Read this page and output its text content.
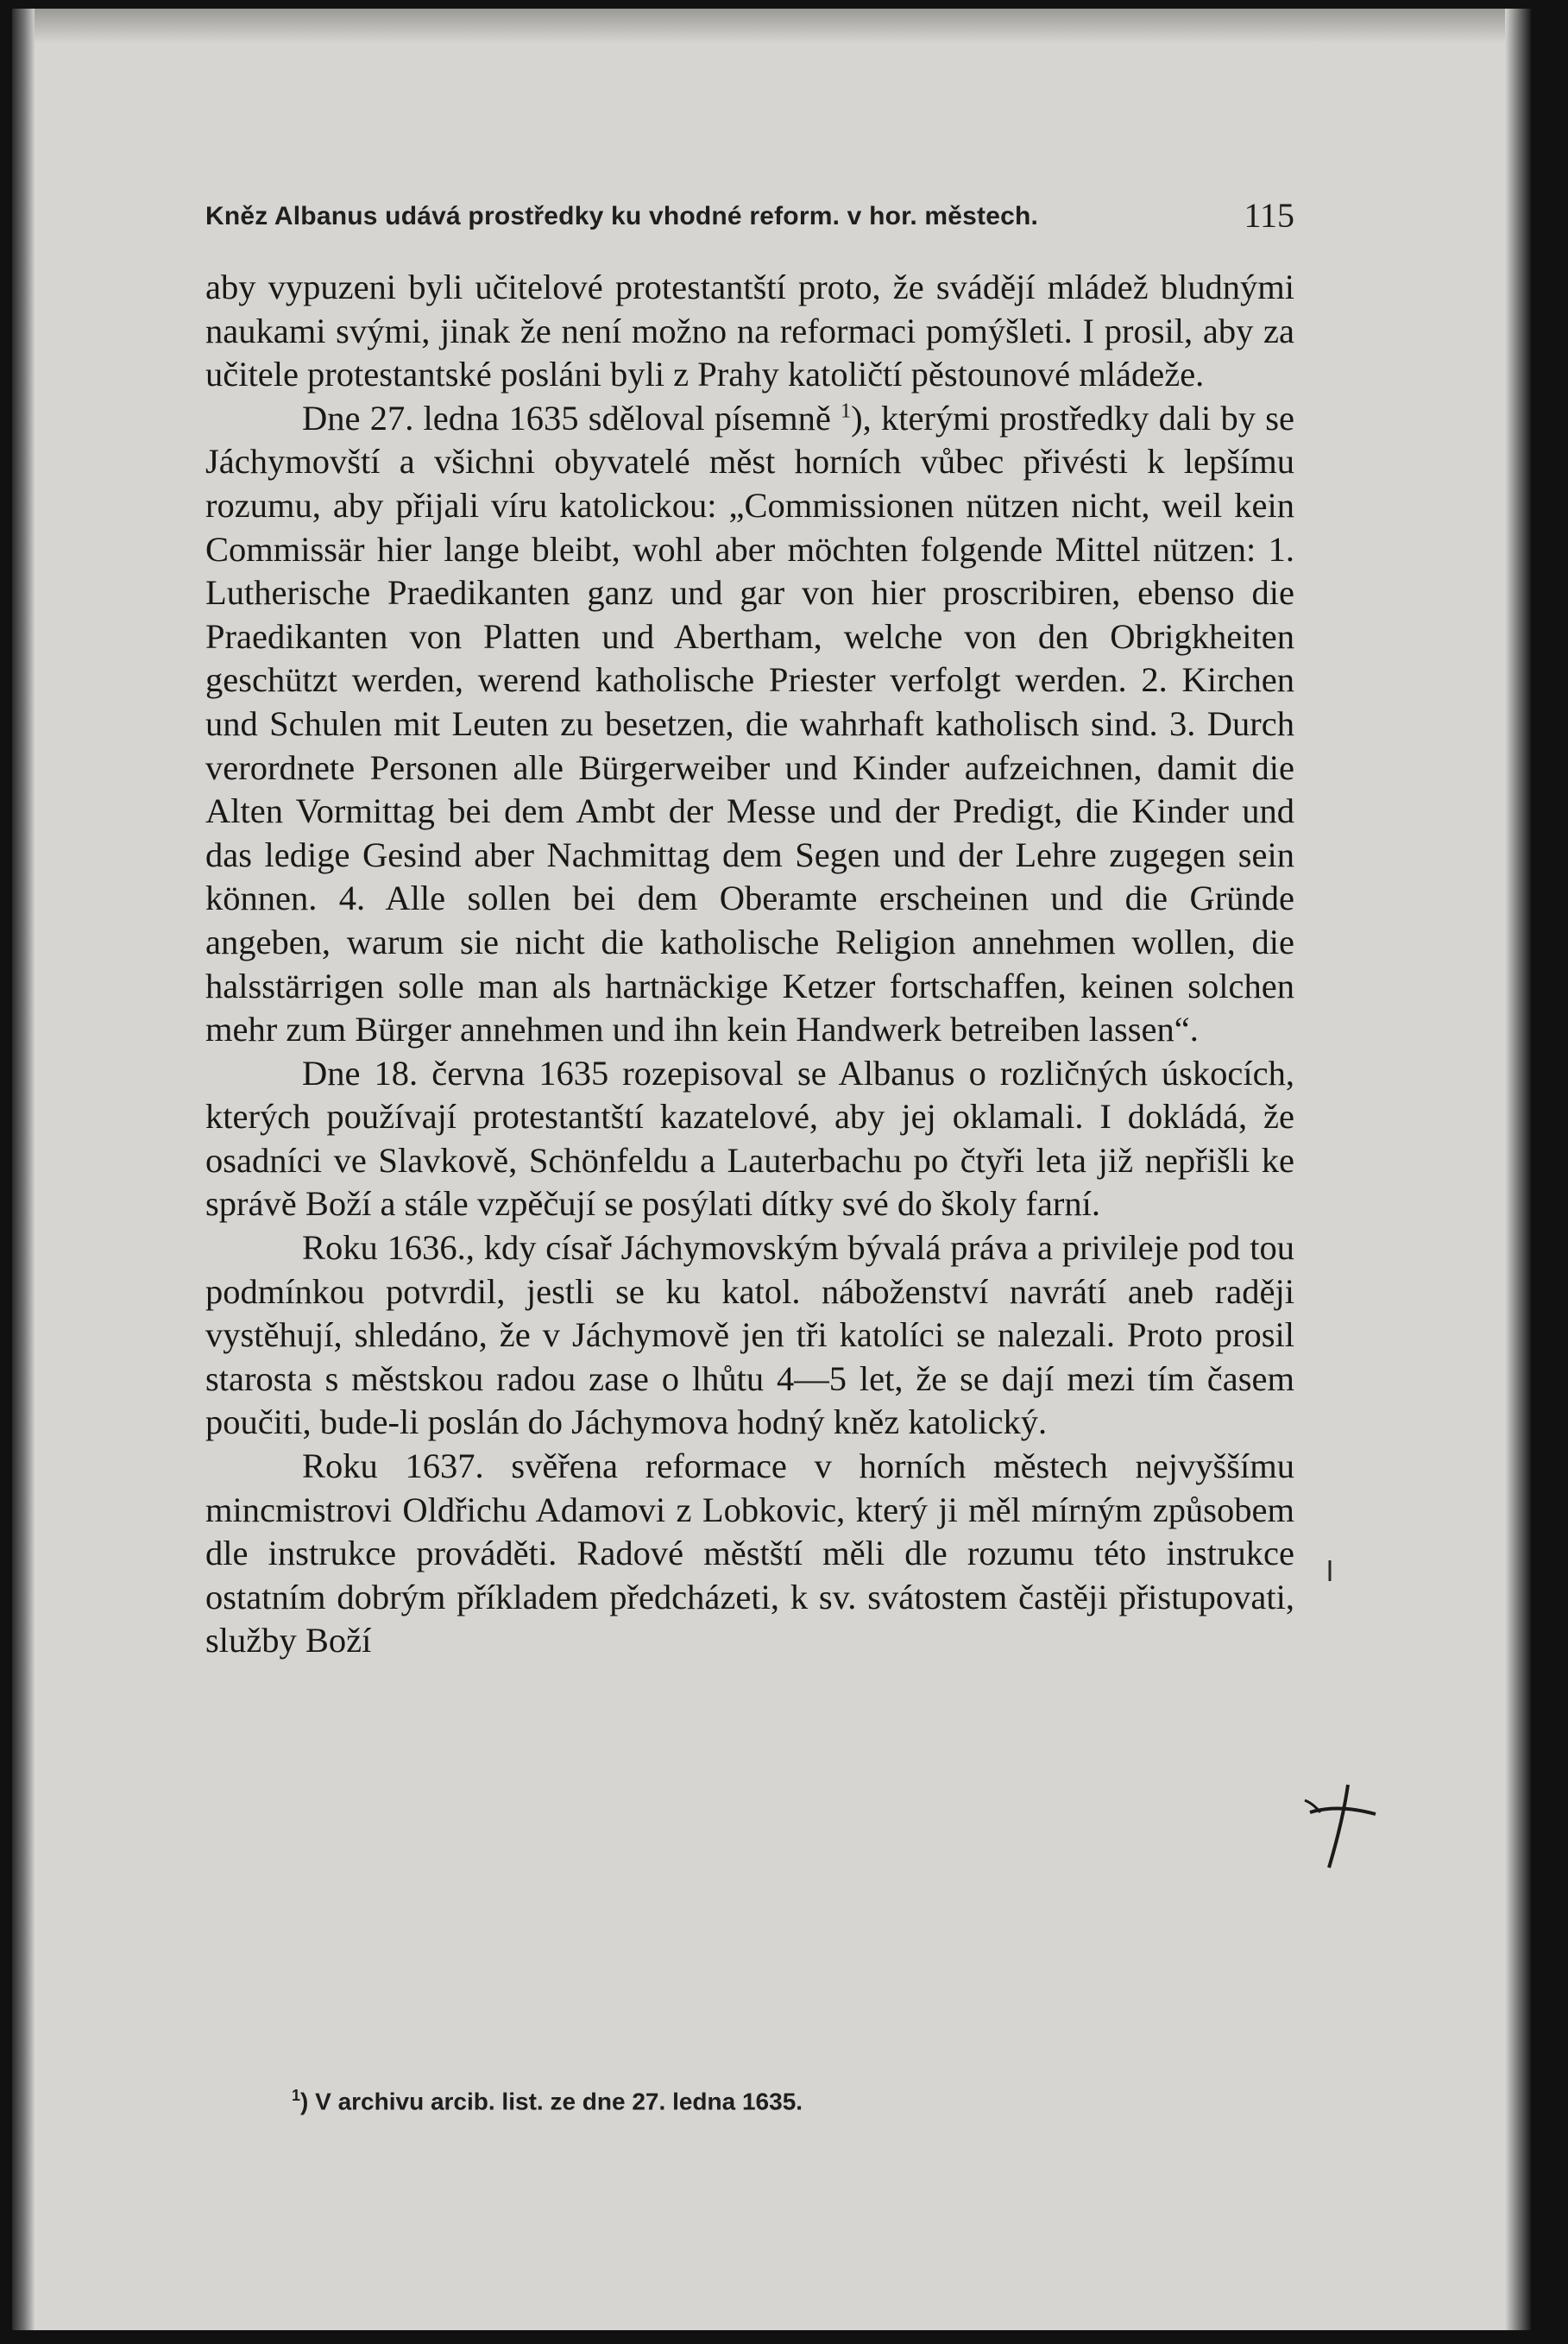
Kněz Albanus udává prostředky ku vhodné reform. v hor. městech.	115

aby vypuzeni byli učitelové protestantští proto, že svádějí mládež bludnými naukami svými, jinak že není možno na reformaci pomýšleti. I prosil, aby za učitele protestantské posláni byli z Prahy katoličtí pěstounové mládeže.

Dne 27. ledna 1635 sděloval písemně $^1$), kterými prostředky dali by se Jáchymovští a všichni obyvatelé měst horních vůbec přivésti k lepšímu rozumu, aby přijali víru katolickou: „Commissionen nützen nicht, weil kein Commissär hier lange bleibt, wohl aber möchten folgende Mittel nützen: 1. Lutherische Praedikanten ganz und gar von hier proscribiren, ebenso die Praedikanten von Platten und Abertham, welche von den Obrigkheiten geschützt werden, werend katholische Priester verfolgt werden. 2. Kirchen und Schulen mit Leuten zu besetzen, die wahrhaft katholisch sind. 3. Durch verordnete Personen alle Bürgerweiber und Kinder aufzeichnen, damit die Alten Vormittag bei dem Ambt der Messe und der Predigt, die Kinder und das ledige Gesind aber Nachmittag dem Segen und der Lehre zugegen sein können. 4. Alle sollen bei dem Oberamte erscheinen und die Gründe angeben, warum sie nicht die katholische Religion annehmen wollen, die halsstärrigen solle man als hartnäckige Ketzer fortschaffen, keinen solchen mehr zum Bürger annehmen und ihn kein Handwerk betreiben lassen“.

Dne 18. června 1635 rozepisoval se Albanus o rozličných úskocích, kterých používají protestantští kazatelové, aby jej oklamali. I dokládá, že osadníci ve Slavkově, Schönfeldu a Lauterbachu po čtyři leta již nepřišli ke správě Boží a stále vzpěčují se posýlati dítky své do školy farní.

Roku 1636., kdy císař Jáchymovským bývalá práva a privileje pod tou podmínkou potvrdil, jestli se ku katol. náboženství navrátí aneb raději vystěhují, shledáno, že v Jáchymově jen tři katolíci se nalezali. Proto prosil starosta s městskou radou zase o lhůtu 4—5 let, že se dají mezi tím časem poučiti, bude-li poslán do Jáchymova hodný kněz katolický.

Roku 1637. svěřena reformace v horních městech nejvyššímu mincmistrovi Oldřichu Adamovi z Lobkovic, který ji měl mírným způsobem dle instrukce prováděti. Radové městští měli dle rozumu této instrukce ostatním dobrým příkladem předcházeti, k sv. svátostem častěji přistupovati, služby Boží

$^1$) V archivu arcib. list. ze dne 27. ledna 1635.
